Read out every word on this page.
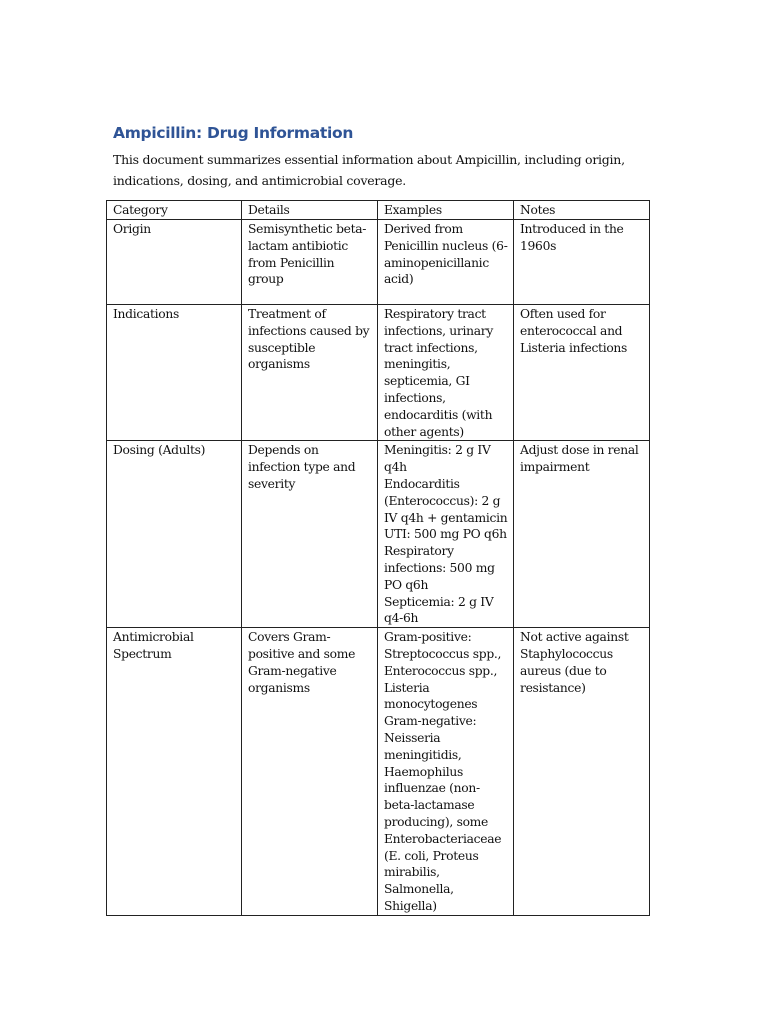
Ampicillin: Drug Information

This document summarizes essential information about Ampicillin, including origin, indications, dosing, and antimicrobial coverage.

Category	Details	Examples	Notes
Origin	Semisynthetic beta-lactam antibiotic from Penicillin group	Derived from Penicillin nucleus (6-aminopenicillanic acid)	Introduced in the 1960s
Indications	Treatment of infections caused by susceptible organisms	Respiratory tract infections, urinary tract infections, meningitis, septicemia, GI infections, endocarditis (with other agents)	Often used for enterococcal and Listeria infections
Dosing (Adults)	Depends on infection type and severity	Meningitis: 2 g IV q4h
Endocarditis (Enterococcus): 2 g IV q4h + gentamicin
UTI: 500 mg PO q6h
Respiratory infections: 500 mg PO q6h
Septicemia: 2 g IV q4-6h	Adjust dose in renal impairment
Antimicrobial Spectrum	Covers Gram-positive and some Gram-negative organisms	Gram-positive: Streptococcus spp., Enterococcus spp., Listeria monocytogenes
Gram-negative: Neisseria meningitidis, Haemophilus influenzae (non-beta-lactamase producing), some Enterobacteriaceae (E. coli, Proteus mirabilis, Salmonella, Shigella)	Not active against Staphylococcus aureus (due to resistance)
